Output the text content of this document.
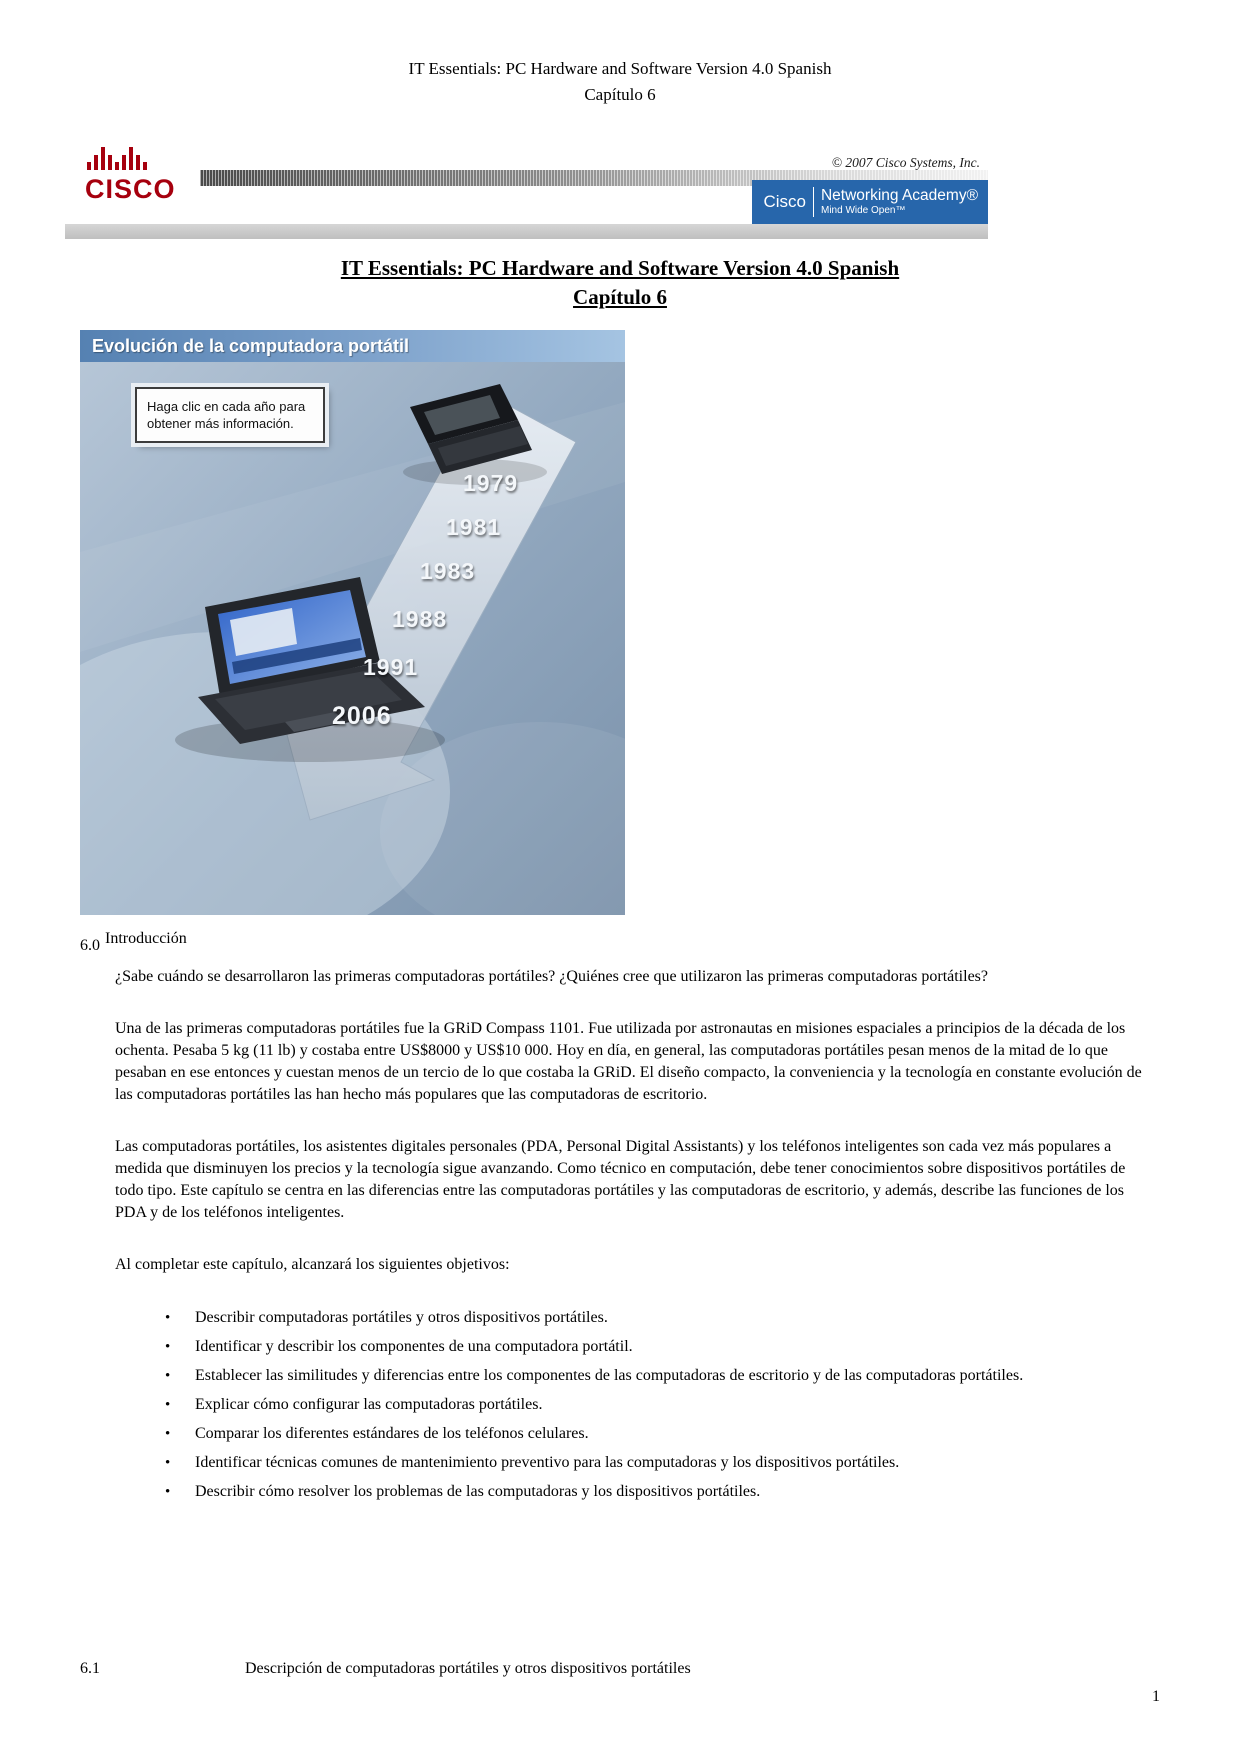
IT Essentials: PC Hardware and Software Version 4.0 Spanish
Capítulo 6
CISCO
© 2007 Cisco Systems, Inc.
Cisco Networking Academy®
Mind Wide Open™
IT Essentials: PC Hardware and Software Version 4.0 Spanish
Capítulo 6
Evolución de la computadora portátil
Haga clic en cada año para obtener más información.
1979
1981
1983
1988
1991
2006
6.0 Introducción

¿Sabe cuándo se desarrollaron las primeras computadoras portátiles? ¿Quiénes cree que utilizaron las primeras computadoras portátiles?

Una de las primeras computadoras portátiles fue la GRiD Compass 1101. Fue utilizada por astronautas en misiones espaciales a principios de la década de los ochenta. Pesaba 5 kg (11 lb) y costaba entre US$8000 y US$10 000. Hoy en día, en general, las computadoras portátiles pesan menos de la mitad de lo que pesaban en ese entonces y cuestan menos de un tercio de lo que costaba la GRiD. El diseño compacto, la conveniencia y la tecnología en constante evolución de las computadoras portátiles las han hecho más populares que las computadoras de escritorio.

Las computadoras portátiles, los asistentes digitales personales (PDA, Personal Digital Assistants) y los teléfonos inteligentes son cada vez más populares a medida que disminuyen los precios y la tecnología sigue avanzando. Como técnico en computación, debe tener conocimientos sobre dispositivos portátiles de todo tipo. Este capítulo se centra en las diferencias entre las computadoras portátiles y las computadoras de escritorio, y además, describe las funciones de los PDA y de los teléfonos inteligentes.

Al completar este capítulo, alcanzará los siguientes objetivos:

•
Describir computadoras portátiles y otros dispositivos portátiles.
•
Identificar y describir los componentes de una computadora portátil.
•
Establecer las similitudes y diferencias entre los componentes de las computadoras de escritorio y de las computadoras portátiles.
•
Explicar cómo configurar las computadoras portátiles.
•
Comparar los diferentes estándares de los teléfonos celulares.
•
Identificar técnicas comunes de mantenimiento preventivo para las computadoras y los dispositivos portátiles.
•
Describir cómo resolver los problemas de las computadoras y los dispositivos portátiles.
6.1	Descripción de computadoras portátiles y otros dispositivos portátiles
1
